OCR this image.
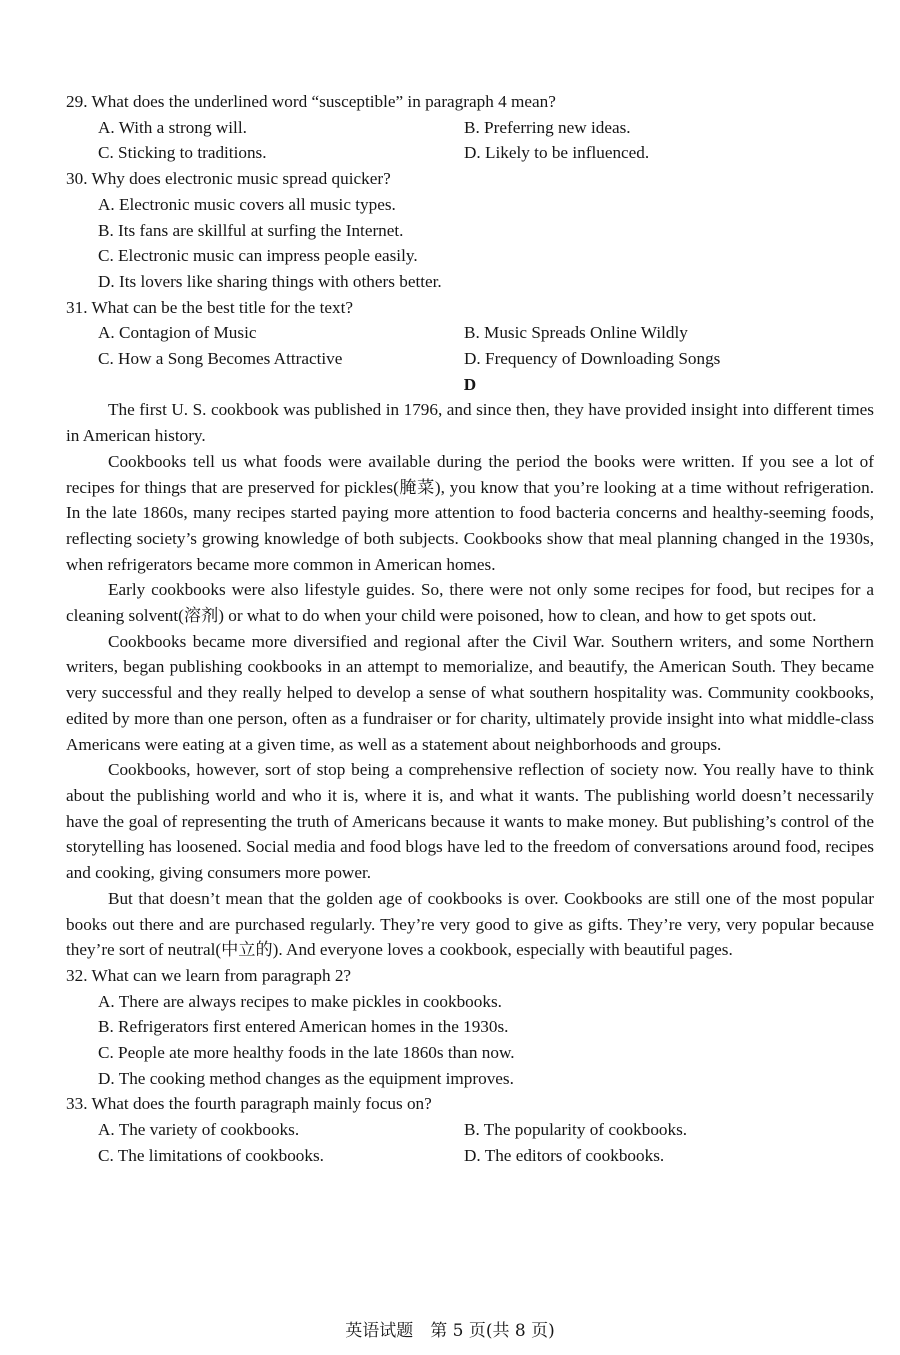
29. What does the underlined word “susceptible” in paragraph 4 mean?
A. With a strong will.	B. Preferring new ideas.
C. Sticking to traditions.	D. Likely to be influenced.
30. Why does electronic music spread quicker?
A. Electronic music covers all music types.
B. Its fans are skillful at surfing the Internet.
C. Electronic music can impress people easily.
D. Its lovers like sharing things with others better.
31. What can be the best title for the text?
A. Contagion of Music	B. Music Spreads Online Wildly
C. How a Song Becomes Attractive	D. Frequency of Downloading Songs

D

The first U. S. cookbook was published in 1796, and since then, they have provided insight into different times in American history.

Cookbooks tell us what foods were available during the period the books were written. If you see a lot of recipes for things that are preserved for pickles(腌菜), you know that you’re looking at a time without refrigeration. In the late 1860s, many recipes started paying more attention to food bacteria concerns and healthy-seeming foods, reflecting society’s growing knowledge of both subjects. Cookbooks show that meal planning changed in the 1930s, when refrigerators became more common in American homes.

Early cookbooks were also lifestyle guides. So, there were not only some recipes for food, but recipes for a cleaning solvent(溶剂) or what to do when your child were poisoned, how to clean, and how to get spots out.

Cookbooks became more diversified and regional after the Civil War. Southern writers, and some Northern writers, began publishing cookbooks in an attempt to memorialize, and beautify, the American South. They became very successful and they really helped to develop a sense of what southern hospitality was. Community cookbooks, edited by more than one person, often as a fundraiser or for charity, ultimately provide insight into what middle-class Americans were eating at a given time, as well as a statement about neighborhoods and groups.

Cookbooks, however, sort of stop being a comprehensive reflection of society now. You really have to think about the publishing world and who it is, where it is, and what it wants. The publishing world doesn’t necessarily have the goal of representing the truth of Americans because it wants to make money. But publishing’s control of the storytelling has loosened. Social media and food blogs have led to the freedom of conversations around food, recipes and cooking, giving consumers more power.

But that doesn’t mean that the golden age of cookbooks is over. Cookbooks are still one of the most popular books out there and are purchased regularly. They’re very good to give as gifts. They’re very, very popular because they’re sort of neutral(中立的). And everyone loves a cookbook, especially with beautiful pages.

32. What can we learn from paragraph 2?
A. There are always recipes to make pickles in cookbooks.
B. Refrigerators first entered American homes in the 1930s.
C. People ate more healthy foods in the late 1860s than now.
D. The cooking method changes as the equipment improves.
33. What does the fourth paragraph mainly focus on?
A. The variety of cookbooks.	B. The popularity of cookbooks.
C. The limitations of cookbooks.	D. The editors of cookbooks.
英语试题　第 5 页(共 8 页)
